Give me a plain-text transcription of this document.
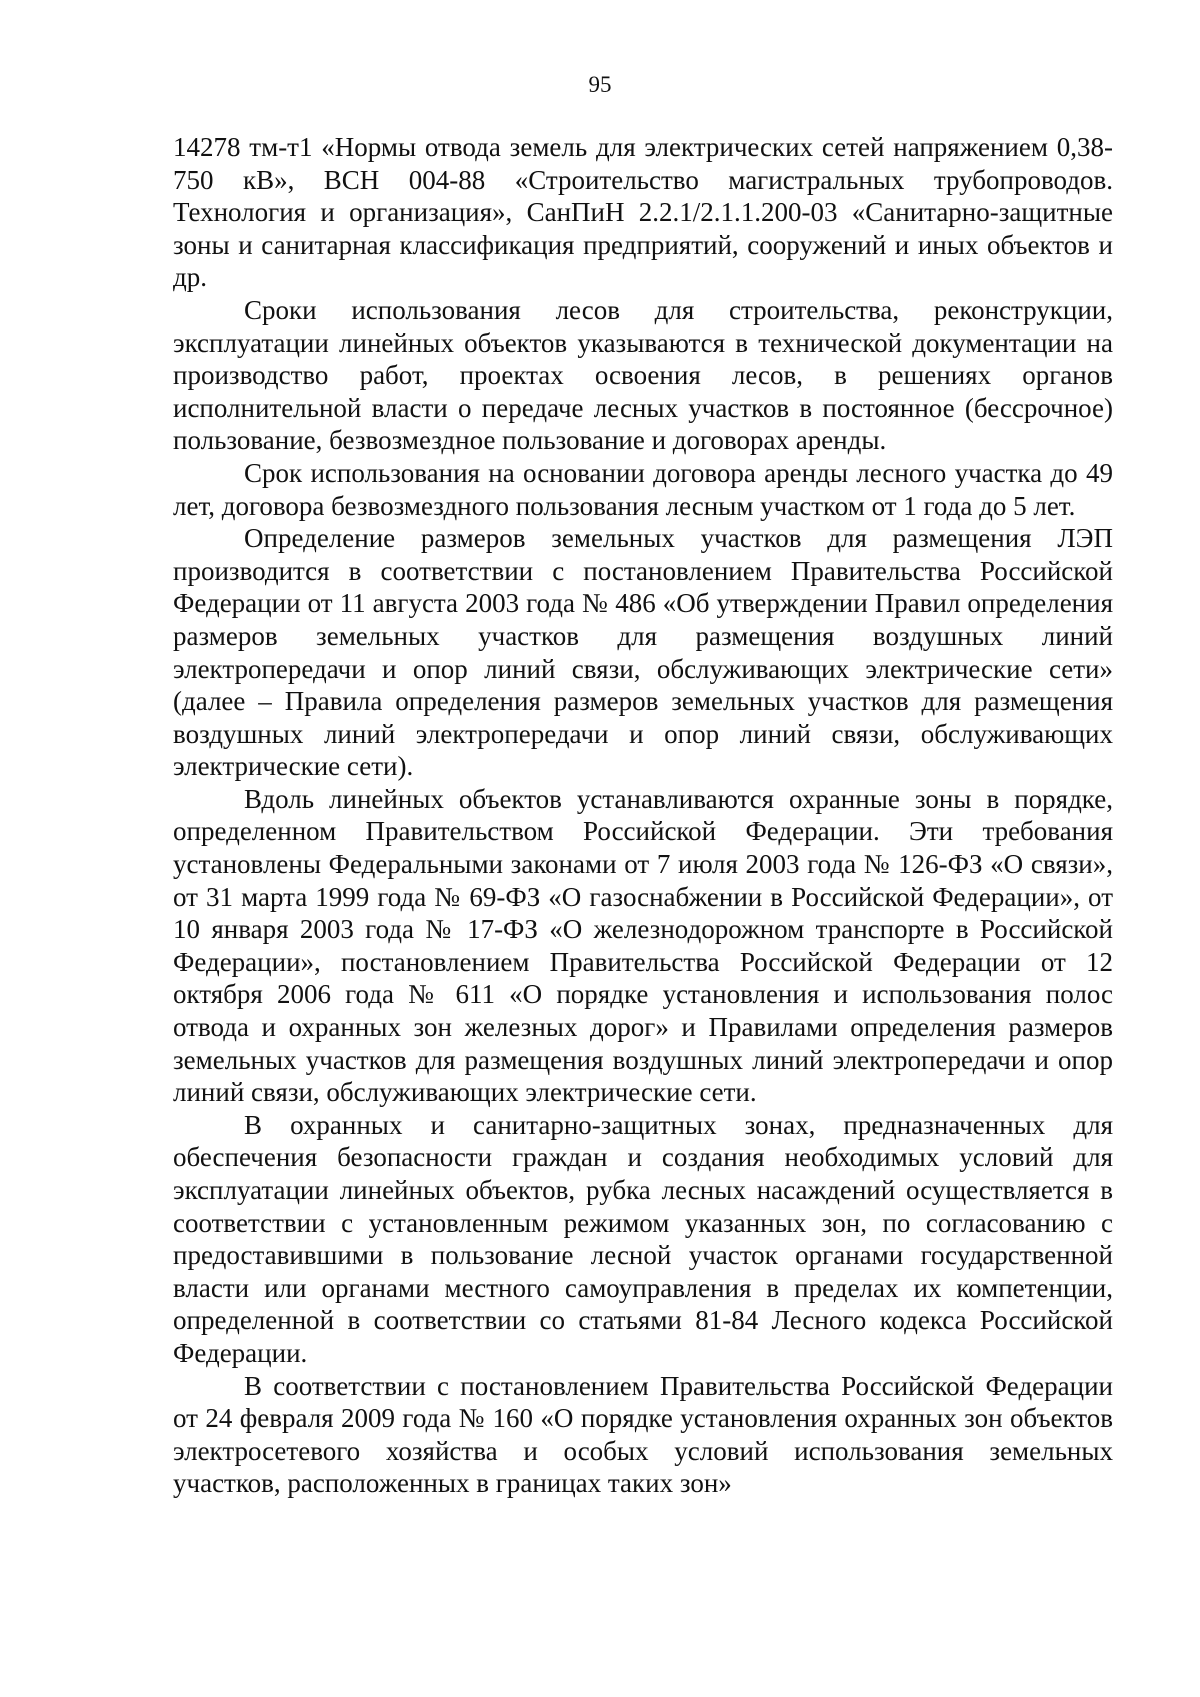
95

14278 тм-т1 «Нормы отвода земель для электрических сетей напряжением 0,38-750 кВ», ВСН 004-88 «Строительство магистральных трубопроводов. Технология и организация», СанПиН 2.2.1/2.1.1.200-03 «Санитарно-защитные зоны и санитарная классификация предприятий, сооружений и иных объектов и др.

Сроки использования лесов для строительства, реконструкции, эксплуатации линейных объектов указываются в технической документации на производство работ, проектах освоения лесов, в решениях органов исполнительной власти о передаче лесных участков в постоянное (бессрочное) пользование, безвозмездное пользование и договорах аренды.

Срок использования на основании договора аренды лесного участка до 49 лет, договора безвозмездного пользования лесным участком от 1 года до 5 лет.

Определение размеров земельных участков для размещения ЛЭП производится в соответствии с постановлением Правительства Российской Федерации от 11 августа 2003 года № 486 «Об утверждении Правил определения размеров земельных участков для размещения воздушных линий электропередачи и опор линий связи, обслуживающих электрические сети» (далее – Правила определения размеров земельных участков для размещения воздушных линий электропередачи и опор линий связи, обслуживающих электрические сети).

Вдоль линейных объектов устанавливаются охранные зоны в порядке, определенном Правительством Российской Федерации. Эти требования установлены Федеральными законами от 7 июля 2003 года № 126-ФЗ «О связи», от 31 марта 1999 года № 69-ФЗ «О газоснабжении в Российской Федерации», от 10 января 2003 года № 17-ФЗ «О железнодорожном транспорте в Российской Федерации», постановлением Правительства Российской Федерации от 12 октября 2006 года № 611 «О порядке установления и использования полос отвода и охранных зон железных дорог» и Правилами определения размеров земельных участков для размещения воздушных линий электропередачи и опор линий связи, обслуживающих электрические сети.

В охранных и санитарно-защитных зонах, предназначенных для обеспечения безопасности граждан и создания необходимых условий для эксплуатации линейных объектов, рубка лесных насаждений осуществляется в соответствии с установленным режимом указанных зон, по согласованию с предоставившими в пользование лесной участок органами государственной власти или органами местного самоуправления в пределах их компетенции, определенной в соответствии со статьями 81-84 Лесного кодекса Российской Федерации.

В соответствии с постановлением Правительства Российской Федерации от 24 февраля 2009 года № 160 «О порядке установления охранных зон объектов электросетевого хозяйства и особых условий использования земельных участков, расположенных в границах таких зон»
